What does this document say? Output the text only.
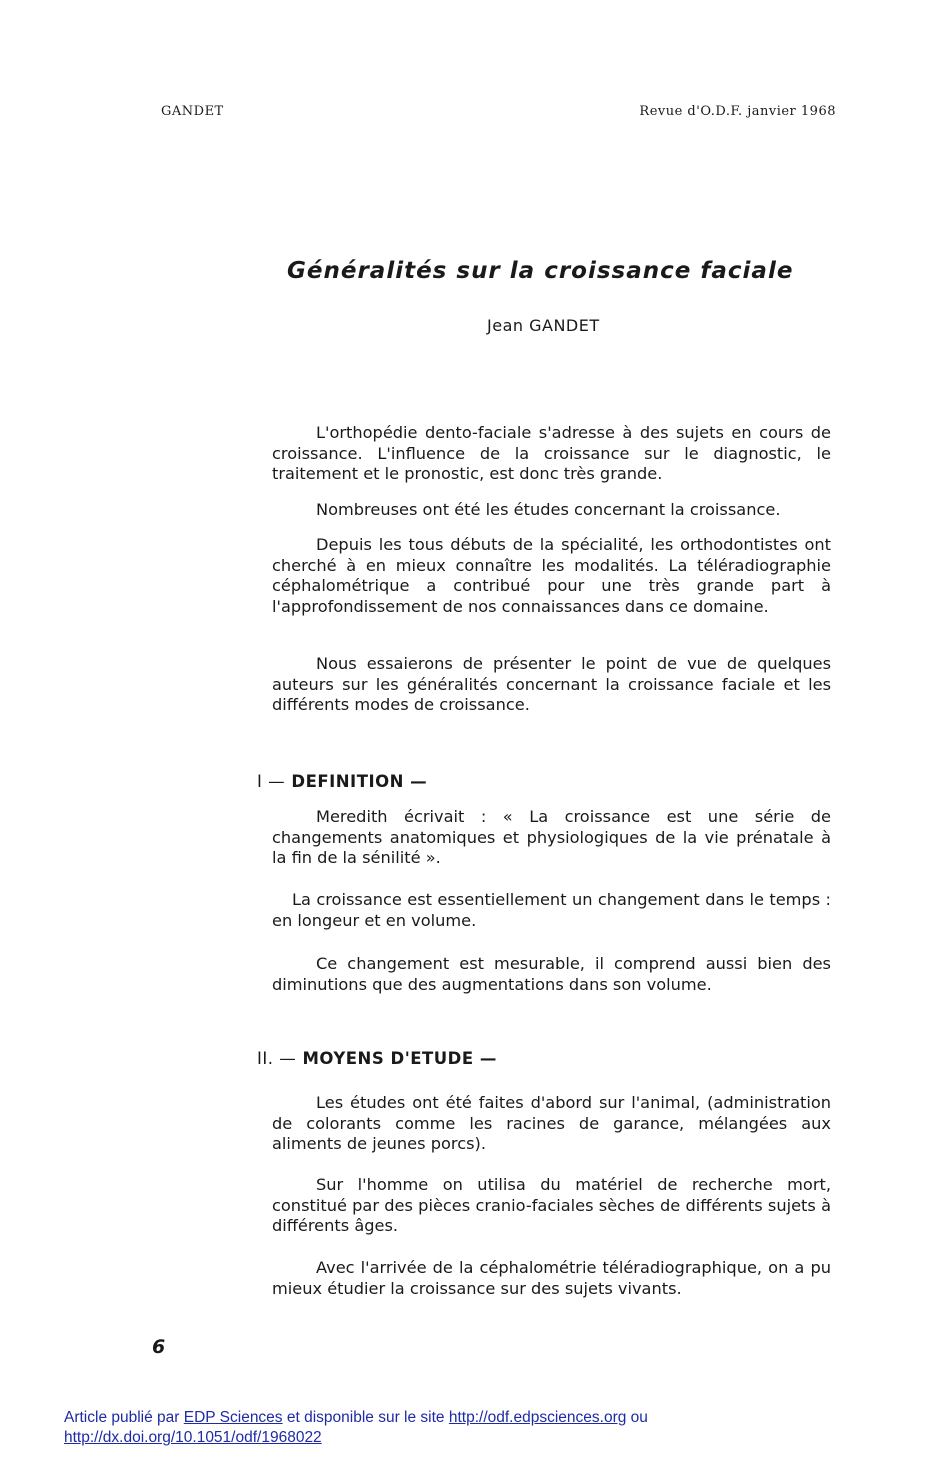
GANDET	Revue d'O.D.F. janvier 1968
Généralités sur la croissance faciale
Jean GANDET

L'orthopédie dento-faciale s'adresse à des sujets en cours de croissance. L'influence de la croissance sur le diagnostic, le traitement et le pronostic, est donc très grande.

Nombreuses ont été les études concernant la croissance.

Depuis les tous débuts de la spécialité, les orthodontistes ont cherché à en mieux connaître les modalités. La téléradiographie céphalométrique a contribué pour une très grande part à l'approfondissement de nos connaissances dans ce domaine.

Nous essaierons de présenter le point de vue de quelques auteurs sur les généralités concernant la croissance faciale et les différents modes de croissance.

I — DEFINITION —

Meredith écrivait : « La croissance est une série de changements anatomiques et physiologiques de la vie prénatale à la fin de la sénilité ».

La croissance est essentiellement un changement dans le temps : en longeur et en volume.

Ce changement est mesurable, il comprend aussi bien des diminutions que des augmentations dans son volume.

II. — MOYENS D'ETUDE —

Les études ont été faites d'abord sur l'animal, (administration de colorants comme les racines de garance, mélangées aux aliments de jeunes porcs).

Sur l'homme on utilisa du matériel de recherche mort, constitué par des pièces cranio-faciales sèches de différents sujets à différents âges.

Avec l'arrivée de la céphalométrie téléradiographique, on a pu mieux étudier la croissance sur des sujets vivants.

6
Article publié par EDP Sciences et disponible sur le site http://odf.edpsciences.org ou
http://dx.doi.org/10.1051/odf/1968022
